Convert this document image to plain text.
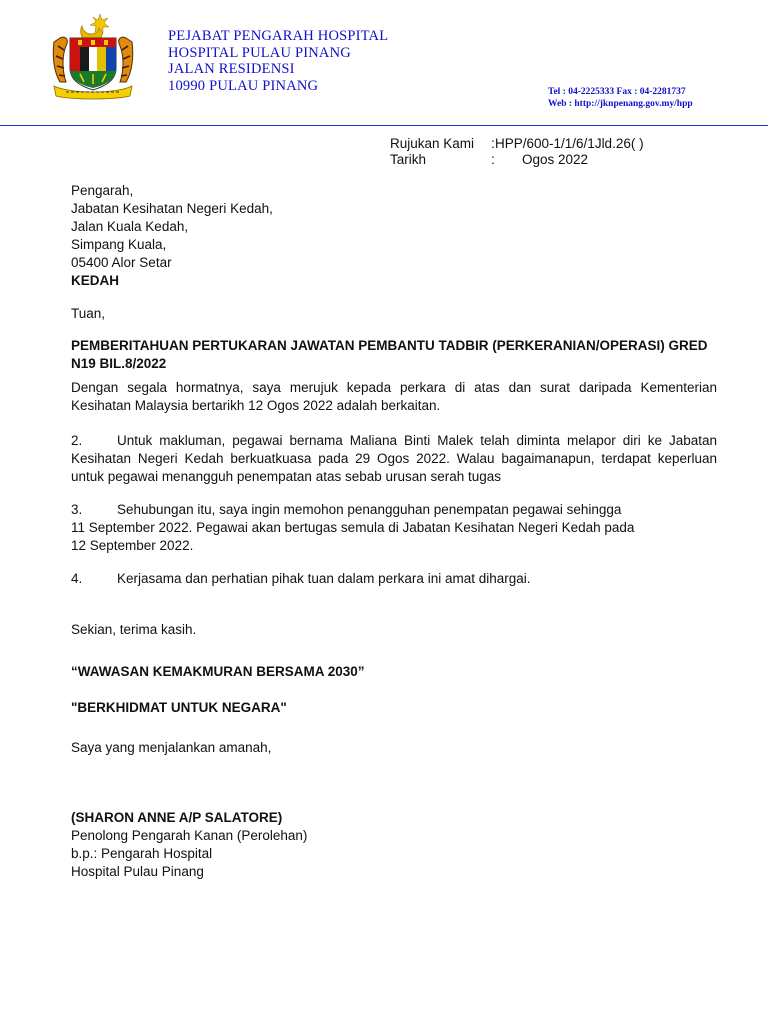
PEJABAT PENGARAH HOSPITAL
HOSPITAL PULAU PINANG
JALAN RESIDENSI
10990 PULAU PINANG	Tel : 04-2225333 Fax : 04-2281737
Web : http://jknpenang.gov.my/hpp
Rujukan Kami : HPP/600-1/1/6/1Jld.26( )
Tarikh	: Ogos 2022
Pengarah,
Jabatan Kesihatan Negeri Kedah,
Jalan Kuala Kedah,
Simpang Kuala,
05400 Alor Setar
KEDAH
Tuan,
PEMBERITAHUAN PERTUKARAN JAWATAN PEMBANTU TADBIR (PERKERANIAN/OPERASI) GRED N19 BIL.8/2022
Dengan segala hormatnya, saya merujuk kepada perkara di atas dan surat daripada Kementerian Kesihatan Malaysia bertarikh 12 Ogos 2022 adalah berkaitan.
2.	Untuk makluman, pegawai bernama Maliana Binti Malek telah diminta melapor diri ke Jabatan Kesihatan Negeri Kedah berkuatkuasa pada 29 Ogos 2022. Walau bagaimanapun, terdapat keperluan untuk pegawai menangguh penempatan atas sebab urusan serah tugas
3.	Sehubungan itu, saya ingin memohon penangguhan penempatan pegawai sehingga
11 September 2022. Pegawai akan bertugas semula di Jabatan Kesihatan Negeri Kedah pada
12 September 2022.
4.	Kerjasama dan perhatian pihak tuan dalam perkara ini amat dihargai.
Sekian, terima kasih.
“WAWASAN KEMAKMURAN BERSAMA 2030”
"BERKHIDMAT UNTUK NEGARA"
Saya yang menjalankan amanah,
(SHARON ANNE A/P SALATORE)
Penolong Pengarah Kanan (Perolehan)
b.p.: Pengarah Hospital
Hospital Pulau Pinang
